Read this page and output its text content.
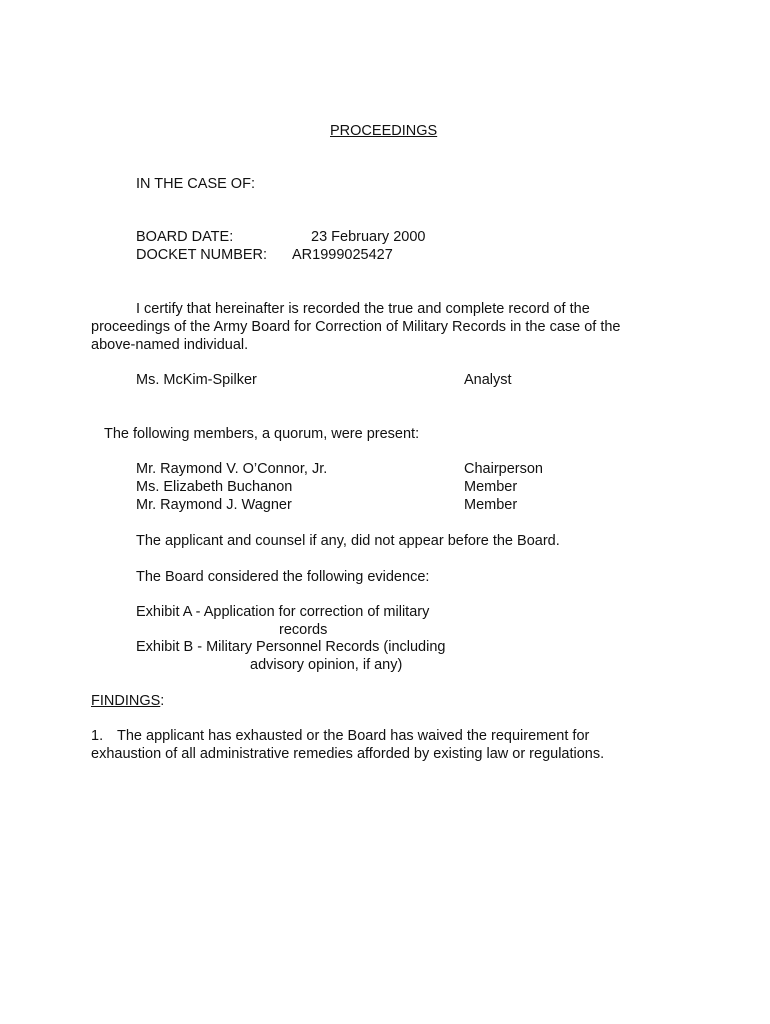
PROCEEDINGS
IN THE CASE OF:
BOARD DATE:	23 February 2000
DOCKET NUMBER: AR1999025427
I certify that hereinafter is recorded the true and complete record of the
proceedings of the Army Board for Correction of Military Records in the case of the
above-named individual.
Ms. McKim-Spilker	Analyst
The following members, a quorum, were present:
Mr. Raymond V. O’Connor, Jr.	Chairperson
Ms. Elizabeth Buchanon	Member
Mr. Raymond J. Wagner	Member
The applicant and counsel if any, did not appear before the Board.
The Board considered the following evidence:
Exhibit A - Application for correction of military
records
Exhibit B - Military Personnel Records (including
advisory opinion, if any)
FINDINGS:
1. The applicant has exhausted or the Board has waived the requirement for
exhaustion of all administrative remedies afforded by existing law or regulations.
